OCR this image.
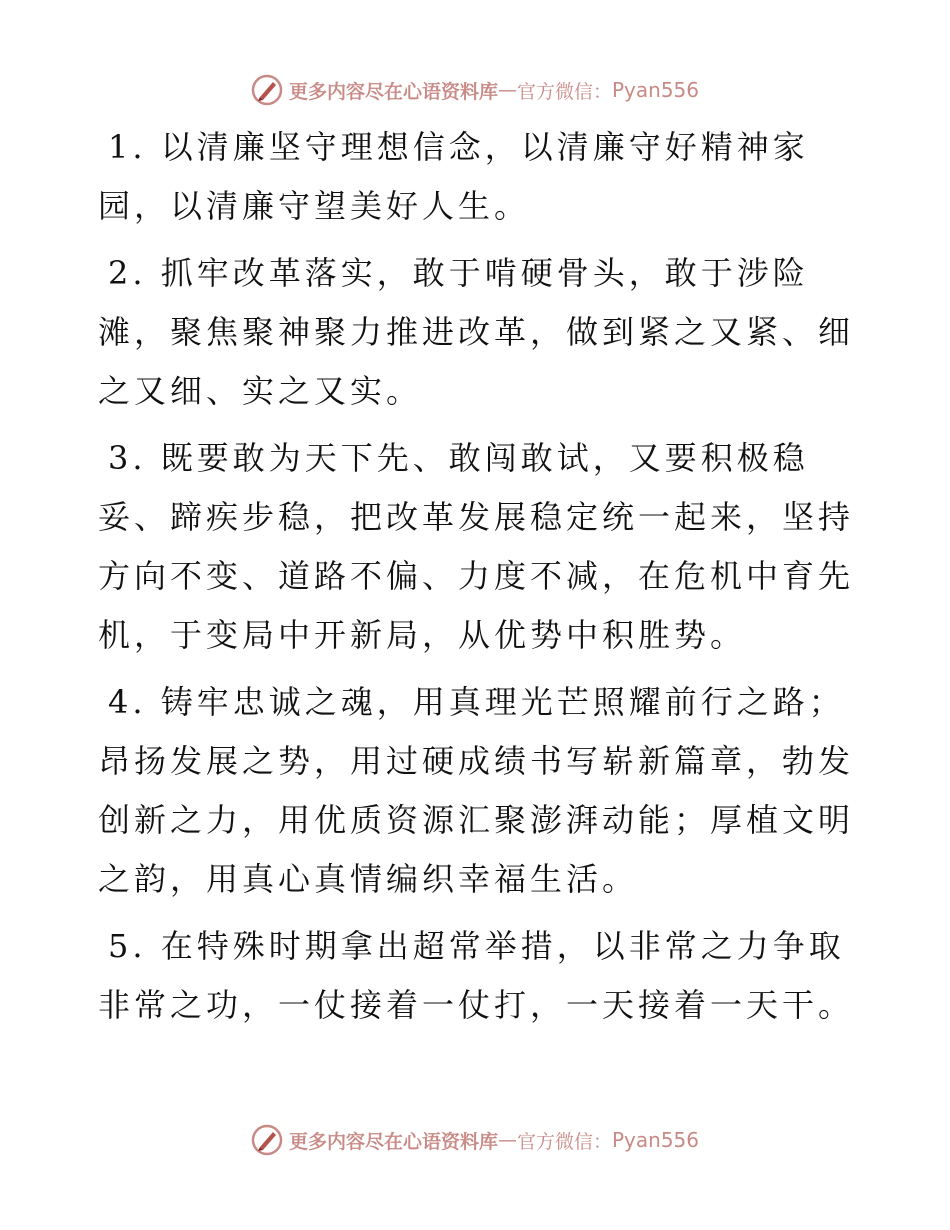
更多内容尽在心语资料库 — 官方微信： Pyan556

1. 以清廉坚守理想信念，以清廉守好精神家园，以清廉守望美好人生。

2. 抓牢改革落实，敢于啃硬骨头，敢于涉险滩，聚焦聚神聚力推进改革，做到紧之又紧、细之又细、实之又实。

3. 既要敢为天下先、敢闯敢试，又要积极稳妥、蹄疾步稳，把改革发展稳定统一起来，坚持方向不变、道路不偏、力度不减，在危机中育先机，于变局中开新局，从优势中积胜势。

4. 铸牢忠诚之魂，用真理光芒照耀前行之路；昂扬发展之势，用过硬成绩书写崭新篇章，勃发创新之力，用优质资源汇聚澎湃动能；厚植文明之韵，用真心真情编织幸福生活。

5. 在特殊时期拿出超常举措，以非常之力争取非常之功，一仗接着一仗打，一天接着一天干。

更多内容尽在心语资料库 — 官方微信： Pyan556
